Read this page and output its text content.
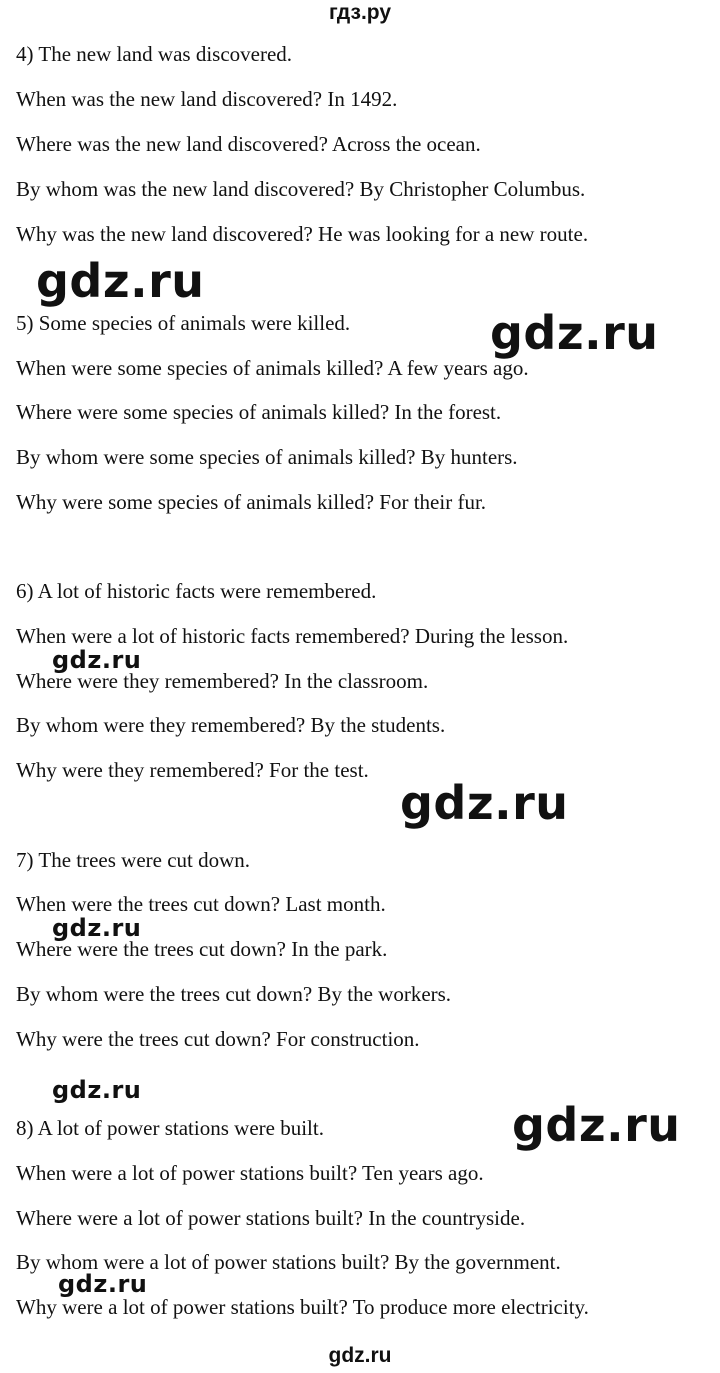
гдз.ру
4) The new land was discovered.
When was the new land discovered? In 1492.
Where was the new land discovered? Across the ocean.
By whom was the new land discovered? By Christopher Columbus.
Why was the new land discovered? He was looking for a new route.
5) Some species of animals were killed.
When were some species of animals killed? A few years ago.
Where were some species of animals killed? In the forest.
By whom were some species of animals killed? By hunters.
Why were some species of animals killed? For their fur.
6) A lot of historic facts were remembered.
When were a lot of historic facts remembered? During the lesson.
Where were they remembered? In the classroom.
By whom were they remembered? By the students.
Why were they remembered? For the test.
7) The trees were cut down.
When were the trees cut down? Last month.
Where were the trees cut down? In the park.
By whom were the trees cut down? By the workers.
Why were the trees cut down? For construction.
8) A lot of power stations were built.
When were a lot of power stations built? Ten years ago.
Where were a lot of power stations built? In the countryside.
By whom were a lot of power stations built? By the government.
Why were a lot of power stations built? To produce more electricity.
gdz.ru
gdz.ru
gdz.ru
gdz.ru
gdz.ru
gdz.ru
gdz.ru
gdz.ru
gdz.ru
